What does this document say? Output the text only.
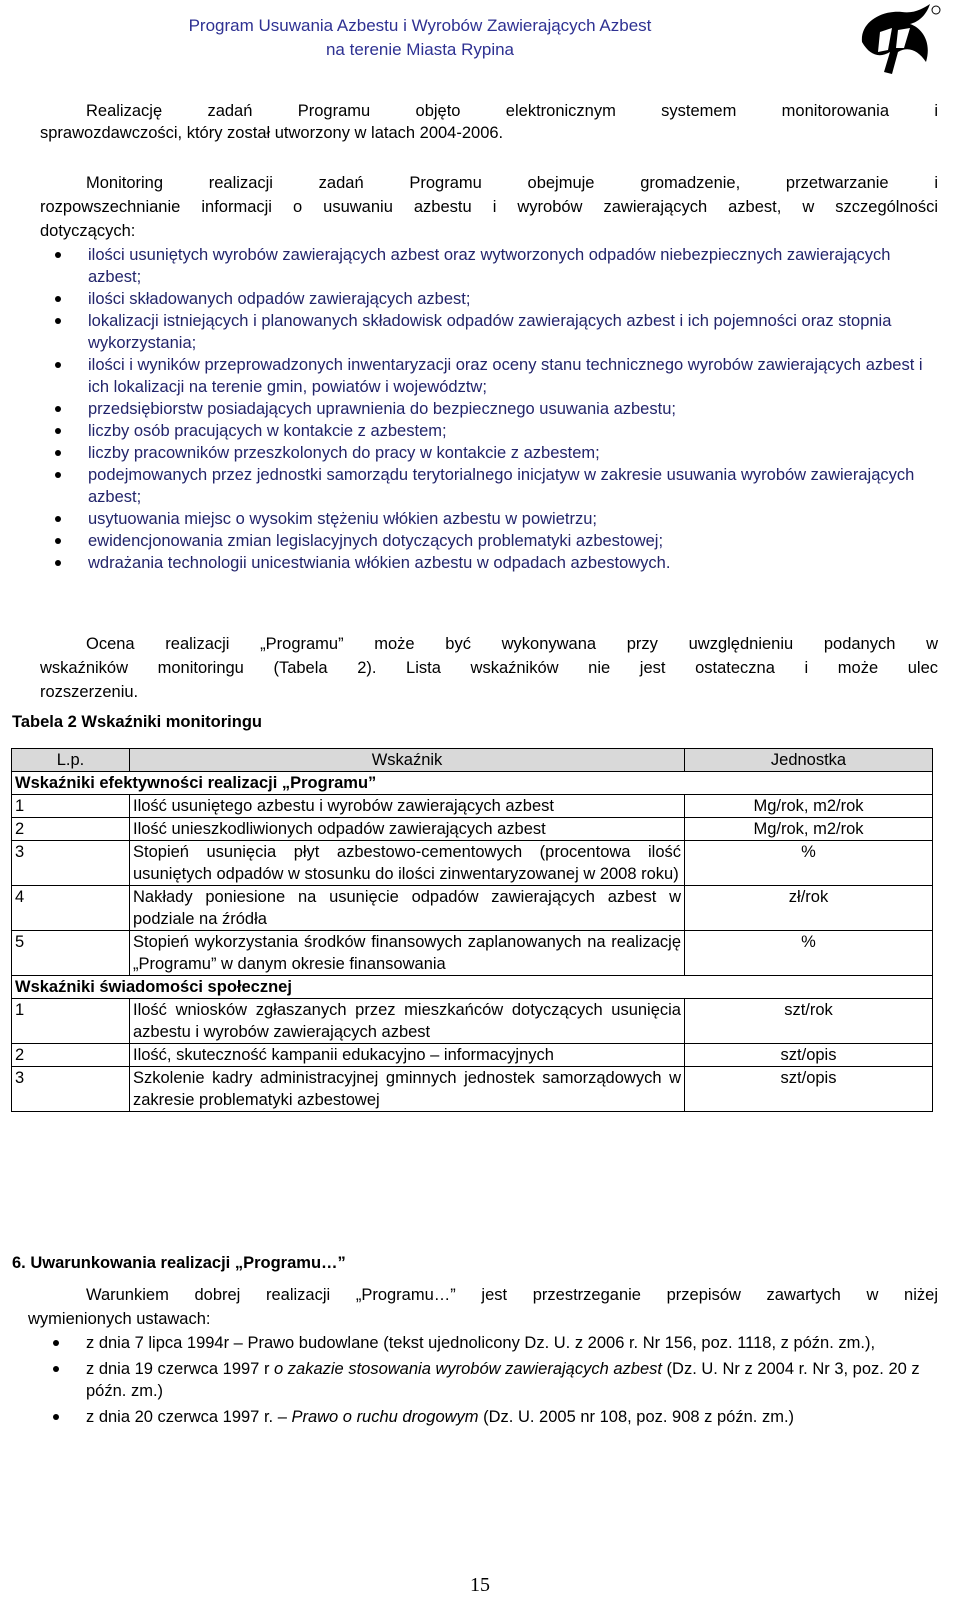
Program Usuwania Azbestu i Wyrobów Zawierających Azbest
na terenie Miasta Rypina
Realizację zadań Programu objęto elektronicznym systemem monitorowania i
sprawozdawczości, który został utworzony w latach 2004-2006.
Monitoring realizacji zadań Programu obejmuje gromadzenie, przetwarzanie i
rozpowszechnianie informacji o usuwaniu azbestu i wyrobów zawierających azbest, w szczególności
dotyczących:
ilości usuniętych wyrobów zawierających azbest oraz wytworzonych odpadów niebezpiecznych zawierających azbest;
ilości składowanych odpadów zawierających azbest;
lokalizacji istniejących i planowanych składowisk odpadów zawierających azbest i ich pojemności oraz stopnia wykorzystania;
ilości i wyników przeprowadzonych inwentaryzacji oraz oceny stanu technicznego wyrobów zawierających azbest i ich lokalizacji na terenie gmin, powiatów i województw;
przedsiębiorstw posiadających uprawnienia do bezpiecznego usuwania azbestu;
liczby osób pracujących w kontakcie z azbestem;
liczby pracowników przeszkolonych do pracy w kontakcie z azbestem;
podejmowanych przez jednostki samorządu terytorialnego inicjatyw w zakresie usuwania wyrobów zawierających azbest;
usytuowania miejsc o wysokim stężeniu włókien azbestu w powietrzu;
ewidencjonowania zmian legislacyjnych dotyczących problematyki azbestowej;
wdrażania technologii unicestwiania włókien azbestu w odpadach azbestowych.
Ocena realizacji „Programu” może być wykonywana przy uwzględnieniu podanych w
wskaźników monitoringu (Tabela 2). Lista wskaźników nie jest ostateczna i może ulec
rozszerzeniu.
Tabela 2 Wskaźniki monitoringu
L.p.	Wskaźnik	Jednostka
Wskaźniki efektywności realizacji „Programu”		
1	Ilość usuniętego azbestu i wyrobów zawierających azbest	Mg/rok, m2/rok
2	Ilość unieszkodliwionych odpadów zawierających azbest	Mg/rok, m2/rok
3	Stopień usunięcia płyt azbestowo-cementowych (procentowa ilość usuniętych odpadów w stosunku do ilości zinwentaryzowanej w 2008 roku)	%
4	Nakłady poniesione na usunięcie odpadów zawierających azbest w podziale na źródła	zł/rok
5	Stopień wykorzystania środków finansowych zaplanowanych na realizację „Programu” w danym okresie finansowania	%
Wskaźniki świadomości społecznej		
1	Ilość wniosków zgłaszanych przez mieszkańców dotyczących usunięcia azbestu i wyrobów zawierających azbest	szt/rok
2	Ilość, skuteczność kampanii edukacyjno – informacyjnych	szt/opis
3	Szkolenie kadry administracyjnej gminnych jednostek samorządowych w zakresie problematyki azbestowej	szt/opis
6. Uwarunkowania realizacji „Programu…”
Warunkiem dobrej realizacji „Programu…” jest przestrzeganie przepisów zawartych w niżej
wymienionych ustawach:
z dnia 7 lipca 1994r – Prawo budowlane (tekst ujednolicony Dz. U. z 2006 r. Nr 156, poz. 1118, z późn. zm.),
z dnia 19 czerwca 1997 r o zakazie stosowania wyrobów zawierających azbest (Dz. U. Nr z 2004 r. Nr 3, poz. 20 z późn. zm.)
z dnia 20 czerwca 1997 r. – Prawo o ruchu drogowym (Dz. U. 2005 nr 108, poz. 908 z późn. zm.)
15
